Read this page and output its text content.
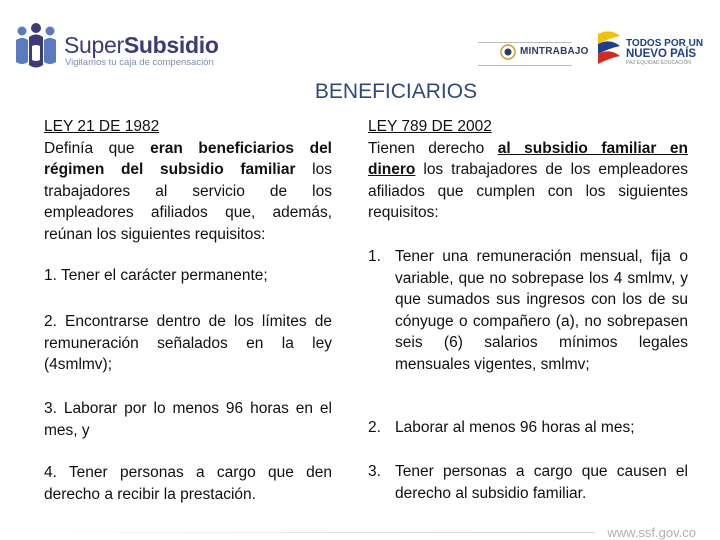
SuperSubsidio
Vigilamos tu caja de compensación
MINTRABAJO
TODOS POR UN
NUEVO PAÍS
PAZ EQUIDAD EDUCACIÓN
BENEFICIARIOS
LEY 21 DE 1982

Definía que eran beneficiarios del régimen del subsidio familiar los trabajadores al servicio de los empleadores afiliados que, además, reúnan los siguientes requisitos:

1. Tener el carácter permanente;

2. Encontrarse dentro de los límites de remuneración señalados en la ley (4smlmv);

3. Laborar por lo menos 96 horas en el mes, y

4. Tener personas a cargo que den derecho a recibir la prestación.

LEY 789 DE 2002

Tienen derecho al subsidio familiar en dinero los trabajadores de los empleadores afiliados que cumplen con los siguientes requisitos:

1. Tener una remuneración mensual, fija o variable, que no sobrepase los 4 smlmv, y que sumados sus ingresos con los de su cónyuge o compañero (a), no sobrepasen seis (6) salarios mínimos legales mensuales vigentes, smlmv;
2. Laborar al menos 96 horas al mes;
3. Tener personas a cargo que causen el derecho al subsidio familiar.
www.ssf.gov.co
